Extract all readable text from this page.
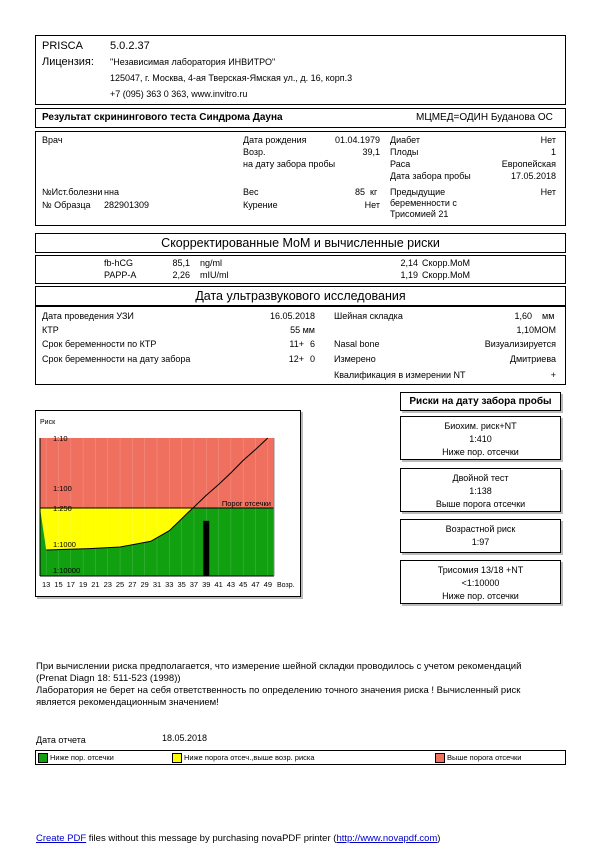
PRISCA 5.0.2.37
Лицензия: "Независимая лаборатория ИНВИТРО"
125047, г. Москва, 4-ая Тверская-Ямская ул., д. 16, корп.3
+7 (095) 363 0 363, www.invitro.ru
Результат скринингового теста Синдрома Дауна	МЦМЕД=ОДИН Буданова ОС
Врач
№Ист.болезни нна
№ Образца 282901309
Дата рождения	01.04.1979
Возр.	39,1
на дату забора пробы
Вес	85 кг
Курение	Нет
Диабет	Нет
Плоды	1
Раса	Европейская
Дата забора пробы	17.05.2018
Предыдущие
беременности с
Трисомией 21
Нет
Скорректированные МоМ и вычисленные риски
fb-hCG	85,1 ng/ml	2,14 Скорр.MoM
PAPP-A	2,26 mIU/ml	1,19 Скорр.MoM
Дата ультразвукового исследования
Дата проведения УЗИ	16.05.2018
КТР	55 мм
Срок беременности по КТР	11+ 6
Срок беременности на дату забора	12+ 0
Шейная складка	1,60 мм
1,10MOM
Nasal bone	Визуализируется
Измерено	Дмитриева
Квалификация в измерении NT	+
Риск
1:10
1:100
1:250
1:1000
1:10000
13 15 17 19 21 23 25 27 29 31 33 35 37 39 41 43 45 47 49 Возр.
Порог отсечки
Риски на дату забора пробы
Биохим. риск+NT
1:410
Ниже пор. отсечки
Двойной тест
1:138
Выше порога отсечки
Возрастной риск
1:97
Трисомия 13/18 +NT
<1:10000
Ниже пор. отсечки
При вычислении риска предполагается, что измерение шейной складки проводилось с учетом рекомендаций
(Prenat Diagn 18: 511-523 (1998))
Лаборатория не берет на себя ответственность по определению точного значения риска ! Вычисленный риск
является рекомендационным значением!
Дата отчета	18.05.2018
Ниже пор. отсечки	Ниже порога отсеч.,выше возр. риска	Выше порога отсечки
Create PDF files without this message by purchasing novaPDF printer (http://www.novapdf.com)
